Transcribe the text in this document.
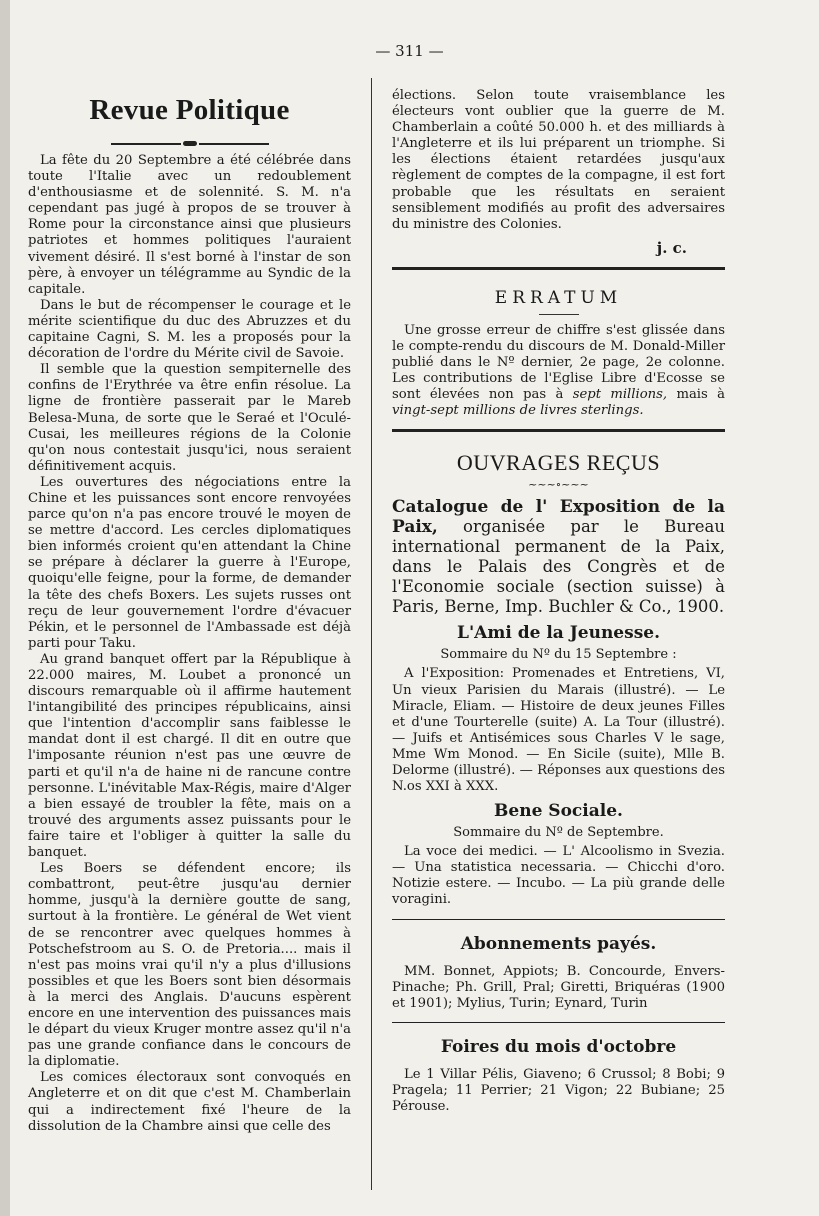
— 311 —
Revue Politique

La fête du 20 Septembre a été célébrée dans toute l'Italie avec un redoublement d'enthousiasme et de solennité. S. M. n'a cependant pas jugé à propos de se trouver à Rome pour la circonstance ainsi que plusieurs patriotes et hommes politiques l'auraient vivement désiré. Il s'est borné à l'instar de son père, à envoyer un télégramme au Syndic de la capitale.

Dans le but de récompenser le courage et le mérite scientifique du duc des Abruzzes et du capitaine Cagni, S. M. les a proposés pour la décoration de l'ordre du Mérite civil de Savoie.

Il semble que la question sempiternelle des confins de l'Erythrée va être enfin résolue. La ligne de frontière passerait par le Mareb Belesa-Muna, de sorte que le Seraé et l'Oculé-Cusai, les meilleures régions de la Colonie qu'on nous contestait jusqu'ici, nous seraient définitivement acquis.

Les ouvertures des négociations entre la Chine et les puissances sont encore renvoyées parce qu'on n'a pas encore trouvé le moyen de se mettre d'accord. Les cercles diplomatiques bien informés croient qu'en attendant la Chine se prépare à déclarer la guerre à l'Europe, quoiqu'elle feigne, pour la forme, de demander la tête des chefs Boxers. Les sujets russes ont reçu de leur gouvernement l'ordre d'évacuer Pékin, et le personnel de l'Ambassade est déjà parti pour Taku.

Au grand banquet offert par la République à 22.000 maires, M. Loubet a prononcé un discours remarquable où il affirme hautement l'intangibilité des principes républicains, ainsi que l'intention d'accomplir sans faiblesse le mandat dont il est chargé. Il dit en outre que l'imposante réunion n'est pas une œuvre de parti et qu'il n'a de haine ni de rancune contre personne. L'inévitable Max-Régis, maire d'Alger a bien essayé de troubler la fête, mais on a trouvé des arguments assez puissants pour le faire taire et l'obliger à quitter la salle du banquet.

Les Boers se défendent encore; ils combattront, peut-être jusqu'au dernier homme, jusqu'à la dernière goutte de sang, surtout à la frontière. Le général de Wet vient de se rencontrer avec quelques hommes à Potschefstroom au S. O. de Pretoria.... mais il n'est pas moins vrai qu'il n'y a plus d'illusions possibles et que les Boers sont bien désormais à la merci des Anglais. D'aucuns espèrent encore en une intervention des puissances mais le départ du vieux Kruger montre assez qu'il n'a pas une grande confiance dans le concours de la diplomatie.

Les comices électoraux sont convoqués en Angleterre et on dit que c'est M. Chamberlain qui a indirectement fixé l'heure de la dissolution de la Chambre ainsi que celle des

élections. Selon toute vraisemblance les électeurs vont oublier que la guerre de M. Chamberlain a coûté 50.000 h. et des milliards à l'Angleterre et ils lui préparent un triomphe. Si les élections étaient retardées jusqu'aux règlement de comptes de la compagne, il est fort probable que les résultats en seraient sensiblement modifiés au profit des adversaires du ministre des Colonies.

j. c.
ERRATUM

Une grosse erreur de chiffre s'est glissée dans le compte-rendu du discours de M. Donald-Miller publié dans le Nº dernier, 2e page, 2e colonne. Les contributions de l'Eglise Libre d'Ecosse se sont élevées non pas à sept millions, mais à vingt-sept millions de livres sterlings.

OUVRAGES REÇUS
~~~∘~~~
Catalogue de l' Exposition de la Paix, organisée par le Bureau international permanent de la Paix, dans le Palais des Congrès et de l'Economie sociale (section suisse) à Paris, Berne, Imp. Buchler & Co., 1900.
L'Ami de la Jeunesse.
Sommaire du Nº du 15 Septembre :

A l'Exposition: Promenades et Entretiens, VI, Un vieux Parisien du Marais (illustré). — Le Miracle, Eliam. — Histoire de deux jeunes Filles et d'une Tourterelle (suite) A. La Tour (illustré). — Juifs et Antisémices sous Charles V le sage, Mme Wm Monod. — En Sicile (suite), Mlle B. Delorme (illustré). — Réponses aux questions des N.os XXI à XXX.

Bene Sociale.
Sommaire du Nº de Septembre.

La voce dei medici. — L' Alcoolismo in Svezia. — Una statistica necessaria. — Chicchi d'oro. Notizie estere. — Incubo. — La più grande delle voragini.

Abonnements payés.

MM. Bonnet, Appiots; B. Concourde, Envers-Pinache; Ph. Grill, Pral; Giretti, Briquéras (1900 et 1901); Mylius, Turin; Eynard, Turin

Foires du mois d'octobre

Le 1 Villar Pélis, Giaveno; 6 Crussol; 8 Bobi; 9 Pragela; 11 Perrier; 21 Vigon; 22 Bubiane; 25 Pérouse.
